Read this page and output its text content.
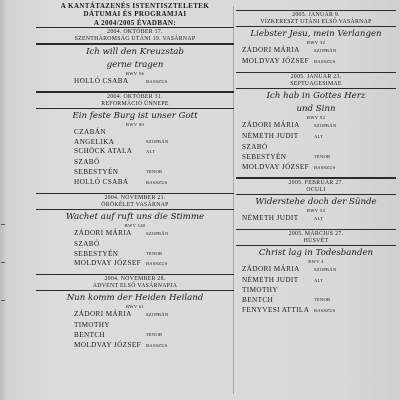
A KANTÁTAZENÉS ISTENTISZTELETEK
DÁTUMAI ÉS PROGRAMJAI
A 2004/2005 ÉVADBAN:
2004. OKTÓBER 17.
SZENTHÁROMSÁG UTÁNI 19. VASÁRNAP
Ich will den Kreuzstab
gerne tragen
BWV 56
HOLLÓ CSABA	BASSZUS
2004. OKTÓBER 31.
REFORMÁCIÓ ÜNNEPE
Ein feste Burg ist unser Gott
BWV 80
CZABÁN ANGELIKA	SZOPRÁN
SCHÖCK ATALA	ALT
SZABÓ SEBESTYÉN	TENOR
HOLLÓ CSABA	BASSZUS
2004. NOVEMBER 21.
ÖRÖKÉLET VASÁRNAP
Wachet auf ruft uns die Stimme
BWV 140
ZÁDORI MÁRIA	SZOPRÁN
SZABÓ SEBESTYÉN	TENOR
MOLDVAY JÓZSEF	BASSZUS
2004. NOVEMBER 28.
ADVENT ELSŐ VASÁRNAPJA
Nun komm der Heiden Heiland
BWV 61
ZÁDORI MÁRIA	SZOPRÁN
TIMOTHY BENTCH	TENOR
MOLDVAY JÓZSEF	BASSZUS
2005. JANUÁR 9.
VÍZKERESZT UTÁNI ELSŐ VASÁRNAP
Liebster Jesu, mein Verlangen
BWV 32
ZÁDORI MÁRIA	SZOPRÁN
MOLDVAY JÓZSEF	BASSZUS
2005. JANUÁR 23.
SEPTUAGESIMAE
Ich hab in Gottes Herz
und Sinn
BWV 92
ZÁDORI MÁRIA	SZOPRÁN
NÉMETH JUDIT	ALT
SZABÓ SEBESTYÉN	TENOR
MOLDVAY JÓZSEF	BASSZUS
2005. FEBRUÁR 27.
OCULI
Widerstehe doch der Sünde
BWV 54
NÉMETH JUDIT	ALT
2005. MÁRCIUS 27.
HÚSVÉT
Christ lag in Todesbanden
BWV 4
ZÁDORI MÁRIA	SZOPRÁN
NÉMETH JUDIT	ALT
TIMOTHY BENTCH	TENOR
FENYVESI ATTILA	BASSZUS
